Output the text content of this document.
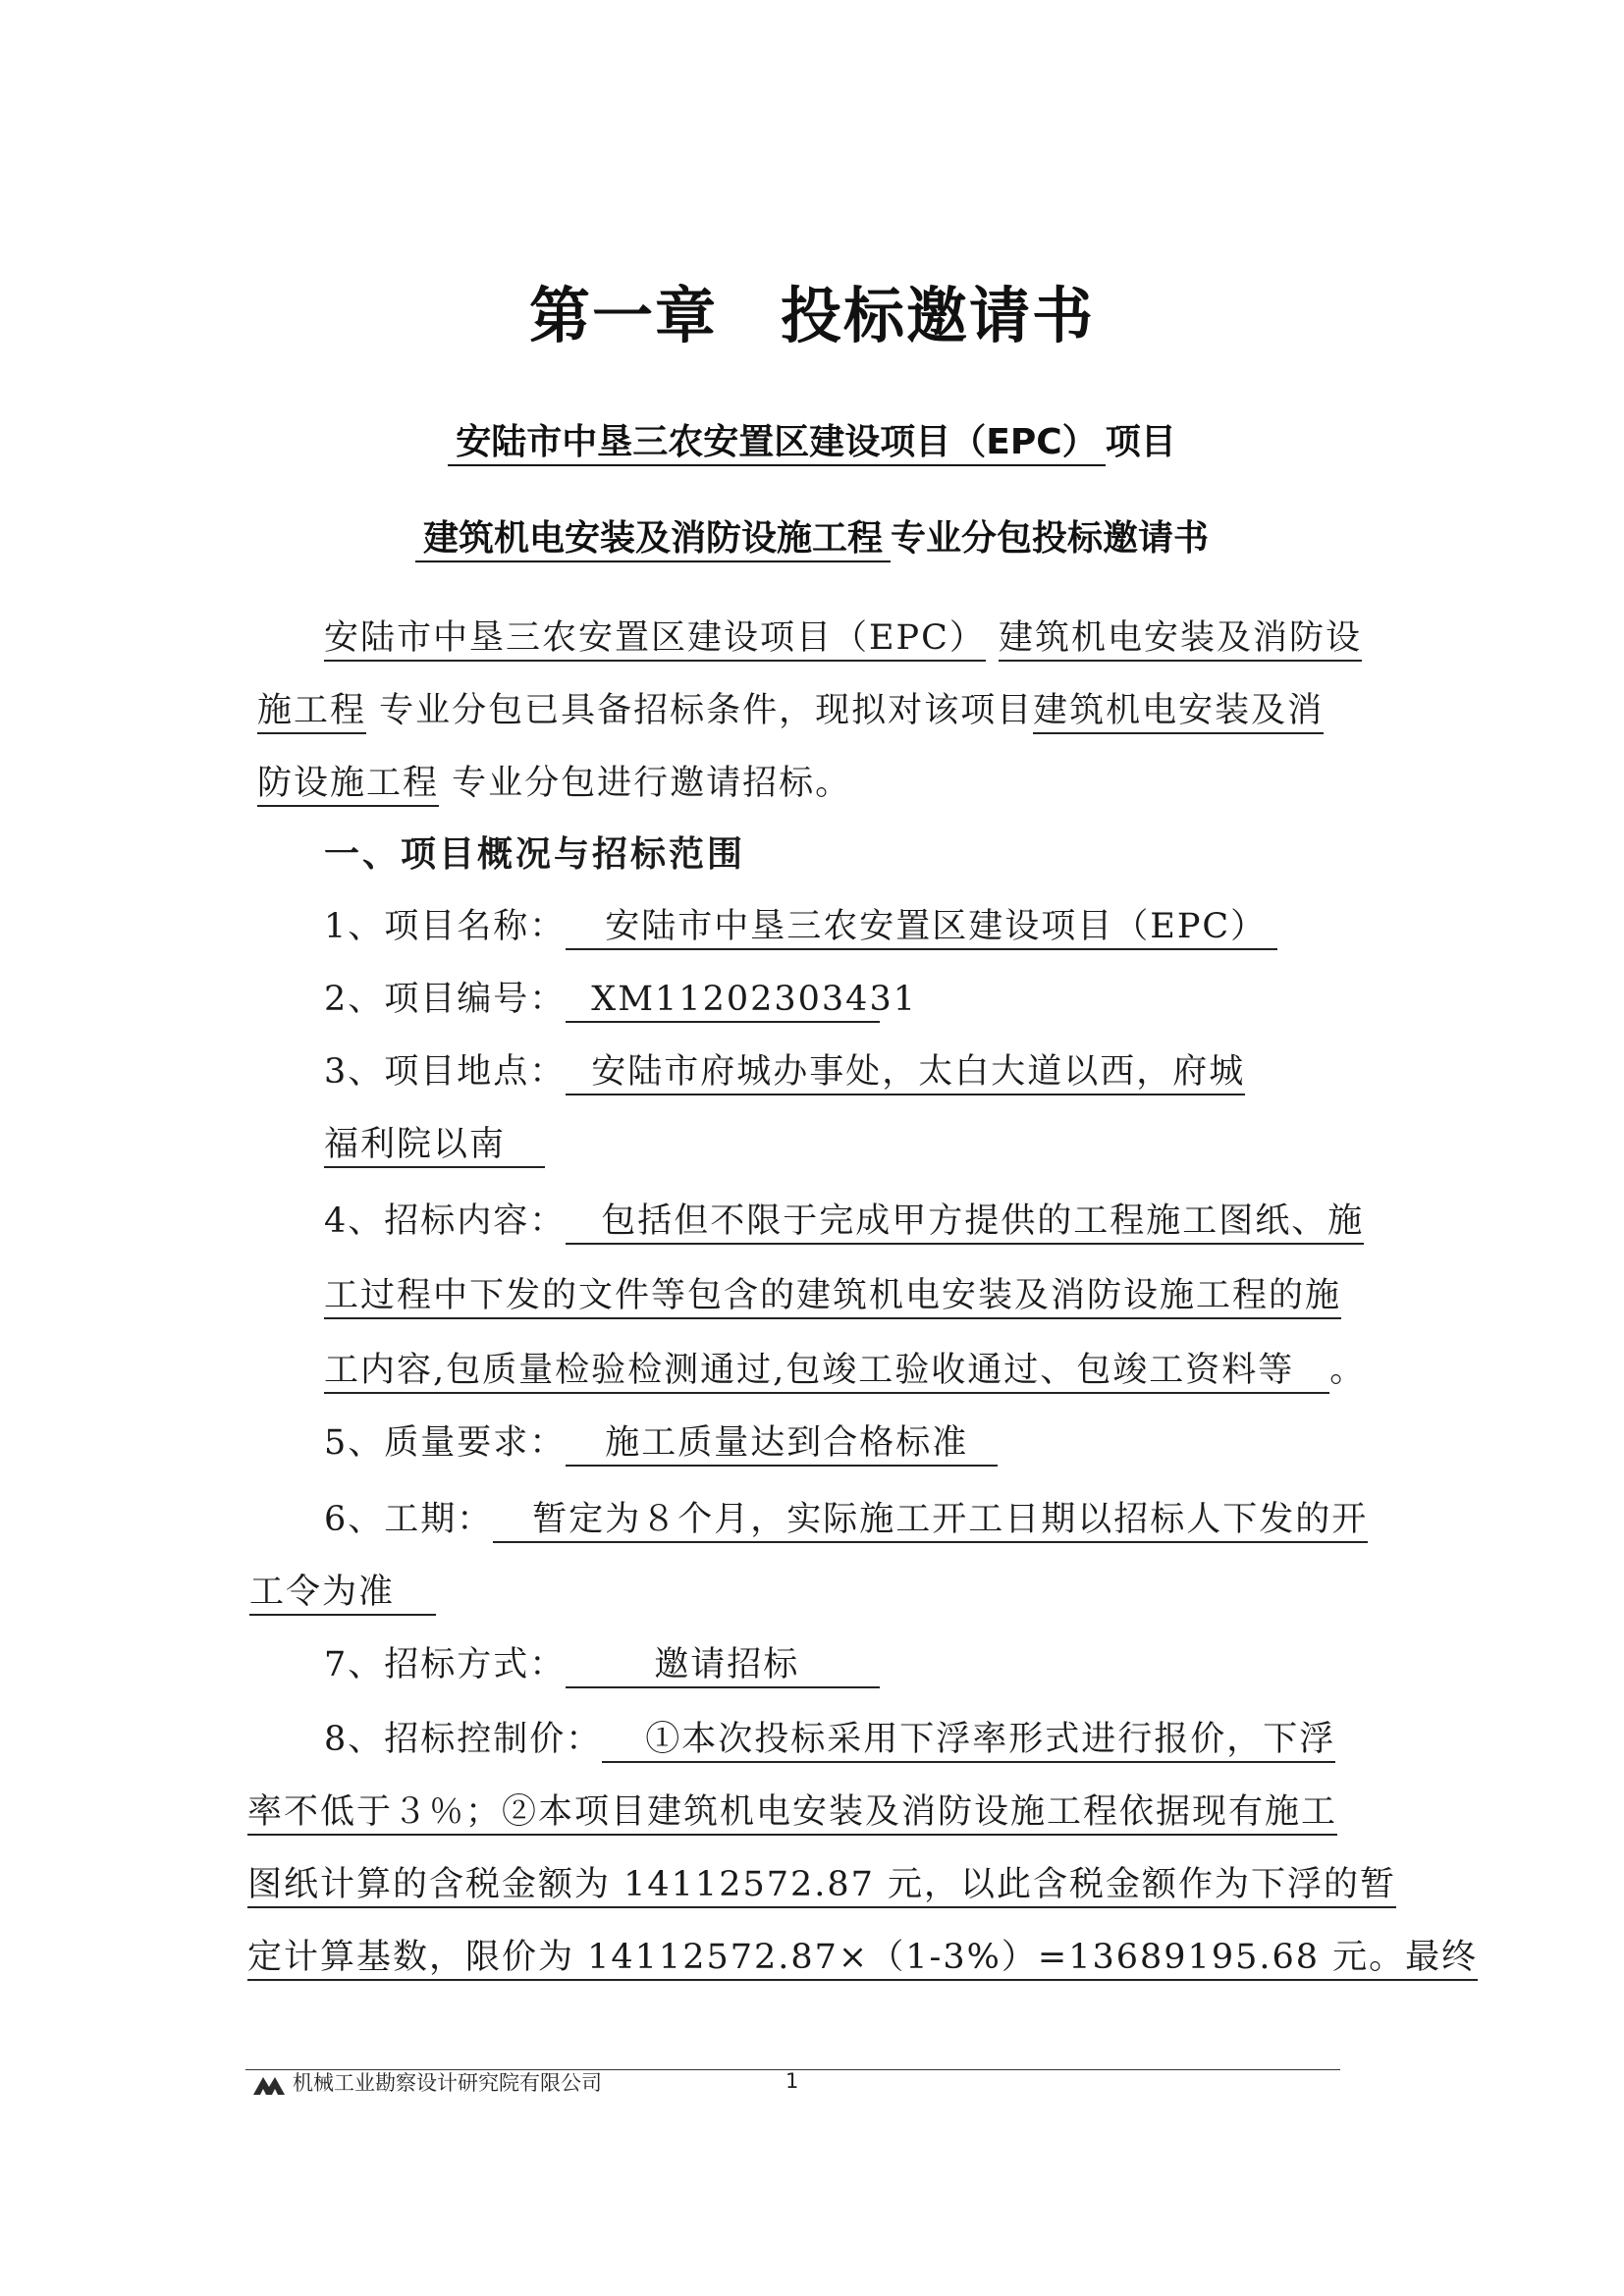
第一章　投标邀请书
安陆市中垦三农安置区建设项目（EPC） 项目
建筑机电安装及消防设施工程 专业分包投标邀请书
安陆市中垦三农安置区建设项目（EPC） 建筑机电安装及消防设
施工程 专业分包已具备招标条件，现拟对该项目建筑机电安装及消
防设施工程 专业分包进行邀请招标。
一、项目概况与招标范围
1、项目名称： 安陆市中垦三农安置区建设项目（EPC）
2、项目编号： XM11202303431
3、项目地点： 安陆市府城办事处，太白大道以西，府城
福利院以南
4、招标内容： 包括但不限于完成甲方提供的工程施工图纸、施
工过程中下发的文件等包含的建筑机电安装及消防设施工程的施
工内容,包质量检验检测通过,包竣工验收通过、包竣工资料等 。
5、质量要求： 施工质量达到合格标准
6、工期： 暂定为８个月，实际施工开工日期以招标人下发的开
工令为准
7、招标方式：	邀请招标
8、招标控制价： ①本次投标采用下浮率形式进行报价，下浮
率不低于３％；②本项目建筑机电安装及消防设施工程依据现有施工
图纸计算的含税金额为 14112572.87 元，以此含税金额作为下浮的暂
定计算基数，限价为 14112572.87×（1-3%）=13689195.68 元。最终
机械工业勘察设计研究院有限公司	1
